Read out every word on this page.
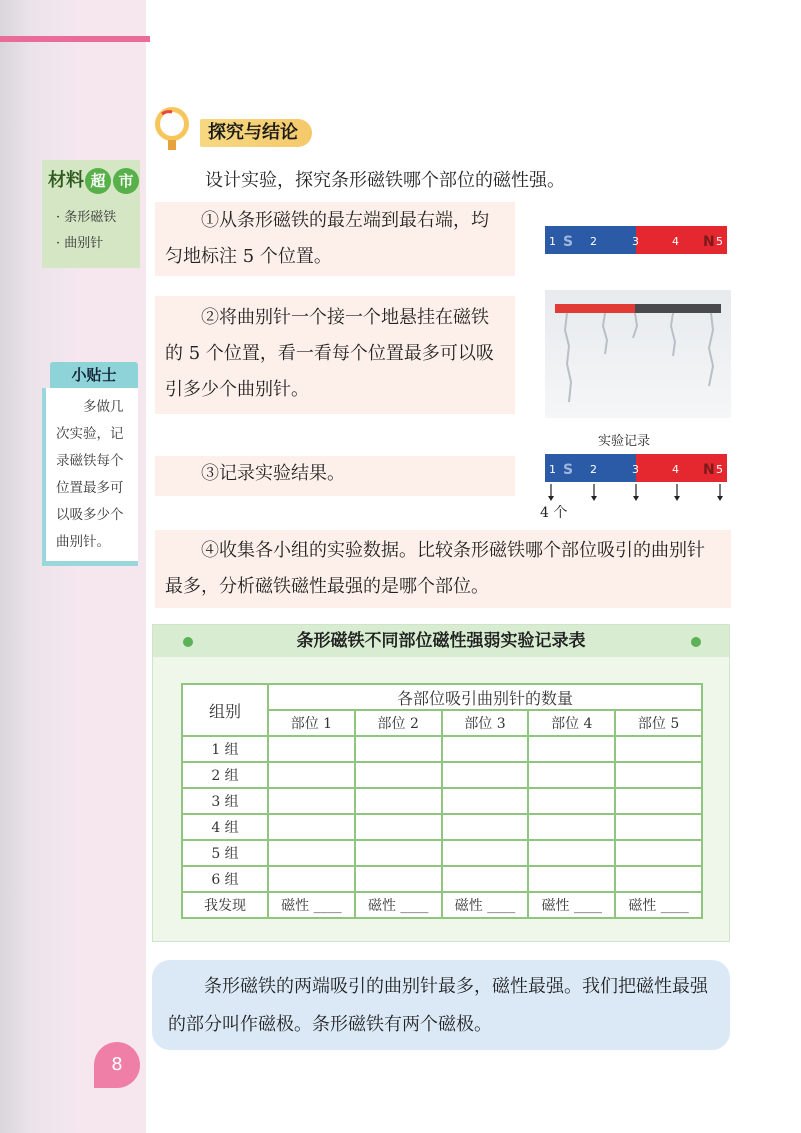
探究与结论
材料 超 市
· 条形磁铁
· 曲别针
小贴士
多做几次实验，记录磁铁每个位置最多可以吸多少个曲别针。
设计实验，探究条形磁铁哪个部位的磁性强。
①从条形磁铁的最左端到最右端，均匀地标注 5 个位置。
②将曲别针一个接一个地悬挂在磁铁的 5 个位置，看一看每个位置最多可以吸引多少个曲别针。
③记录实验结果。
④收集各小组的实验数据。比较条形磁铁哪个部位吸引的曲别针最多，分析磁铁磁性最强的是哪个部位。
S	N
1	2	3	4	5
实验记录
S	N
1	2	3	4	5
4 个
条形磁铁不同部位磁性强弱实验记录表
组别	各部位吸引曲别针的数量				
	部位 1	部位 2	部位 3	部位 4	部位 5
1 组					
2 组					
3 组					
4 组					
5 组					
6 组					
我发现	磁性 ____	磁性 ____	磁性 ____	磁性 ____	磁性 ____
条形磁铁的两端吸引的曲别针最多，磁性最强。我们把磁性最强的部分叫作磁极。条形磁铁有两个磁极。
8
